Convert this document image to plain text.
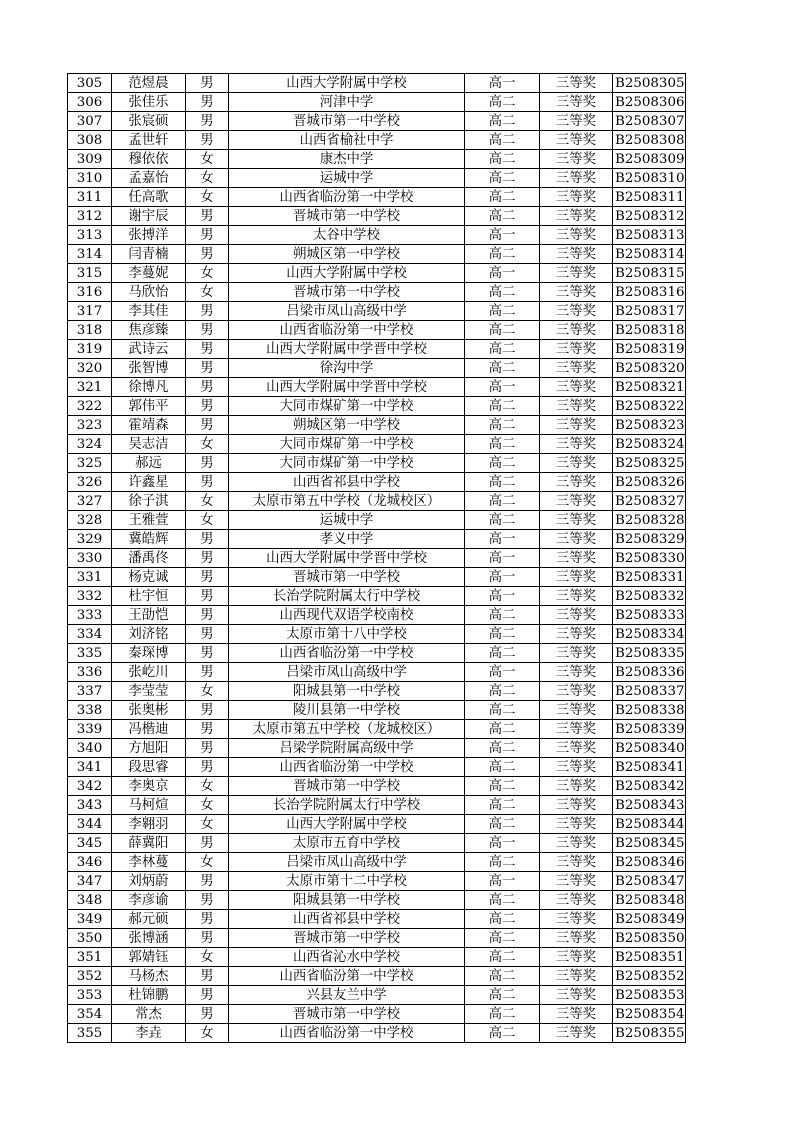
305	范煜晨	男	山西大学附属中学校	高一	三等奖	B2508305
306	张佳乐	男	河津中学	高二	三等奖	B2508306
307	张宸硕	男	晋城市第一中学校	高二	三等奖	B2508307
308	孟世轩	男	山西省榆社中学	高二	三等奖	B2508308
309	穆依依	女	康杰中学	高二	三等奖	B2508309
310	孟嘉怡	女	运城中学	高二	三等奖	B2508310
311	任高歌	女	山西省临汾第一中学校	高二	三等奖	B2508311
312	谢宇辰	男	晋城市第一中学校	高二	三等奖	B2508312
313	张搏洋	男	太谷中学校	高一	三等奖	B2508313
314	闫青楠	男	朔城区第一中学校	高二	三等奖	B2508314
315	李蔓妮	女	山西大学附属中学校	高一	三等奖	B2508315
316	马欣怡	女	晋城市第一中学校	高二	三等奖	B2508316
317	李其佳	男	吕梁市凤山高级中学	高二	三等奖	B2508317
318	焦彦臻	男	山西省临汾第一中学校	高二	三等奖	B2508318
319	武诗云	男	山西大学附属中学晋中学校	高二	三等奖	B2508319
320	张智博	男	徐沟中学	高二	三等奖	B2508320
321	徐博凡	男	山西大学附属中学晋中学校	高一	三等奖	B2508321
322	郭伟平	男	大同市煤矿第一中学校	高二	三等奖	B2508322
323	霍靖森	男	朔城区第一中学校	高二	三等奖	B2508323
324	吴志洁	女	大同市煤矿第一中学校	高二	三等奖	B2508324
325	郝远	男	大同市煤矿第一中学校	高二	三等奖	B2508325
326	许鑫星	男	山西省祁县中学校	高二	三等奖	B2508326
327	徐子淇	女	太原市第五中学校（龙城校区）	高二	三等奖	B2508327
328	王雅萱	女	运城中学	高二	三等奖	B2508328
329	冀皓辉	男	孝义中学	高一	三等奖	B2508329
330	潘禹佟	男	山西大学附属中学晋中学校	高一	三等奖	B2508330
331	杨克诚	男	晋城市第一中学校	高一	三等奖	B2508331
332	杜宇恒	男	长治学院附属太行中学校	高一	三等奖	B2508332
333	王劭恺	男	山西现代双语学校南校	高二	三等奖	B2508333
334	刘济铭	男	太原市第十八中学校	高二	三等奖	B2508334
335	秦琛博	男	山西省临汾第一中学校	高二	三等奖	B2508335
336	张屹川	男	吕梁市凤山高级中学	高一	三等奖	B2508336
337	李莹莹	女	阳城县第一中学校	高二	三等奖	B2508337
338	张奥彬	男	陵川县第一中学校	高二	三等奖	B2508338
339	冯楷迪	男	太原市第五中学校（龙城校区）	高二	三等奖	B2508339
340	方旭阳	男	吕梁学院附属高级中学	高二	三等奖	B2508340
341	段思睿	男	山西省临汾第一中学校	高二	三等奖	B2508341
342	李奥京	女	晋城市第一中学校	高二	三等奖	B2508342
343	马柯煊	女	长治学院附属太行中学校	高二	三等奖	B2508343
344	李翱羽	女	山西大学附属中学校	高二	三等奖	B2508344
345	薛冀阳	男	太原市五育中学校	高一	三等奖	B2508345
346	李林蔓	女	吕梁市凤山高级中学	高二	三等奖	B2508346
347	刘炳蔚	男	太原市第十二中学校	高一	三等奖	B2508347
348	李彦谕	男	阳城县第一中学校	高二	三等奖	B2508348
349	郝元硕	男	山西省祁县中学校	高二	三等奖	B2508349
350	张博涵	男	晋城市第一中学校	高二	三等奖	B2508350
351	郭婧钰	女	山西省沁水中学校	高二	三等奖	B2508351
352	马杨杰	男	山西省临汾第一中学校	高二	三等奖	B2508352
353	杜锦鹏	男	兴县友兰中学	高二	三等奖	B2508353
354	常杰	男	晋城市第一中学校	高二	三等奖	B2508354
355	李垚	女	山西省临汾第一中学校	高二	三等奖	B2508355
